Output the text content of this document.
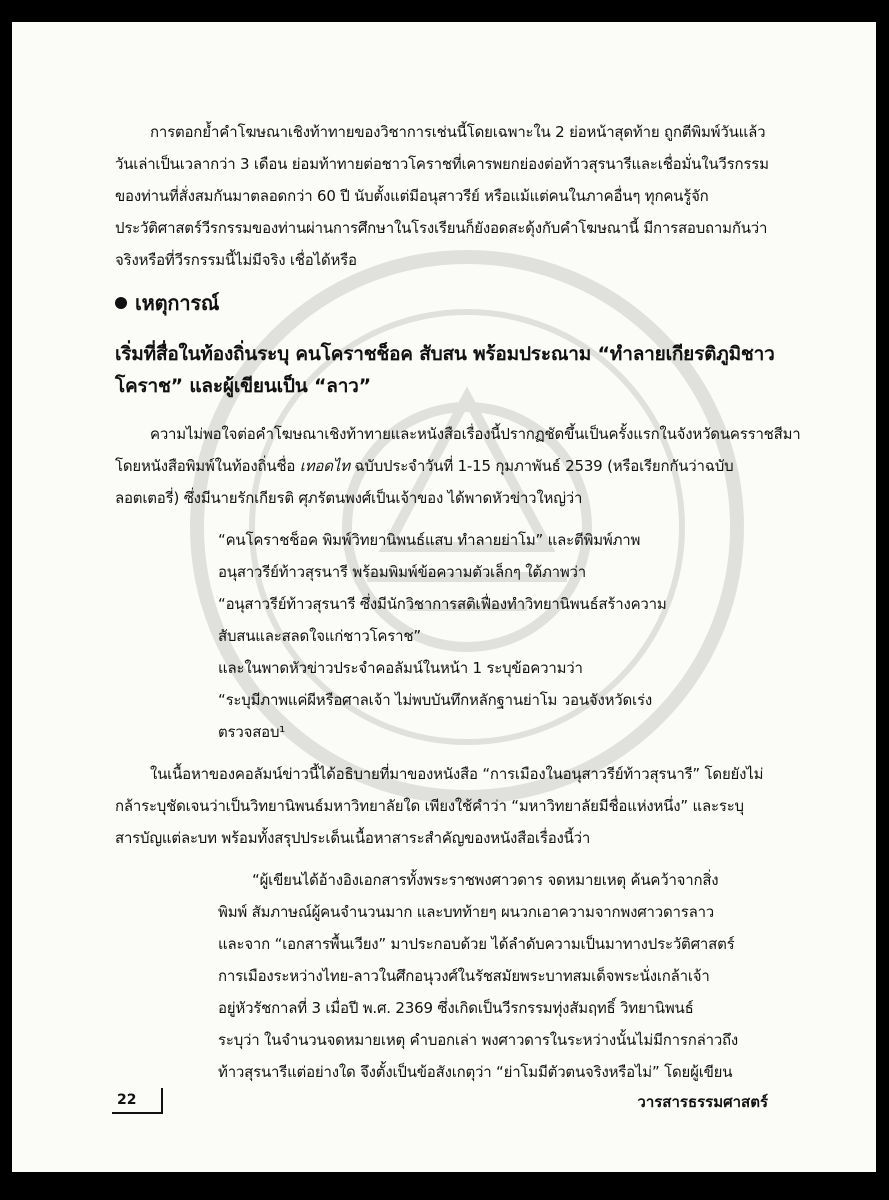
การตอกย้ำคำโฆษณาเชิงท้าทายของวิชาการเช่นนี้โดยเฉพาะใน 2 ย่อหน้าสุดท้าย ถูกตีพิมพ์วันแล้ว
วันเล่าเป็นเวลากว่า 3 เดือน ย่อมท้าทายต่อชาวโคราชที่เคารพยกย่องต่อท้าวสุรนารีและเชื่อมั่นในวีรกรรม
ของท่านที่สั่งสมกันมาตลอดกว่า 60 ปี นับตั้งแต่มีอนุสาวรีย์ หรือแม้แต่คนในภาคอื่นๆ ทุกคนรู้จัก
ประวัติศาสตร์วีรกรรมของท่านผ่านการศึกษาในโรงเรียนก็ยังอดสะดุ้งกับคำโฆษณานี้ มีการสอบถามกันว่า
จริงหรือที่วีรกรรมนี้ไม่มีจริง เชื่อได้หรือ
เหตุการณ์
เริ่มที่สื่อในท้องถิ่นระบุ คนโคราชช็อค สับสน พร้อมประณาม “ทำลายเกียรติภูมิชาว
โคราช” และผู้เขียนเป็น “ลาว”
ความไม่พอใจต่อคำโฆษณาเชิงท้าทายและหนังสือเรื่องนี้ปรากฏชัดขึ้นเป็นครั้งแรกในจังหวัดนครราชสีมา
โดยหนังสือพิมพ์ในท้องถิ่นชื่อ เทอดไท ฉบับประจำวันที่ 1-15 กุมภาพันธ์ 2539 (หรือเรียกกันว่าฉบับ
ลอตเตอรี่) ซึ่งมีนายรักเกียรติ ศุภรัตนพงศ์เป็นเจ้าของ ได้พาดหัวข่าวใหญ่ว่า
“คนโคราชช็อค พิมพ์วิทยานิพนธ์แสบ ทำลายย่าโม” และตีพิมพ์ภาพ
อนุสาวรีย์ท้าวสุรนารี พร้อมพิมพ์ข้อความตัวเล็กๆ ใต้ภาพว่า
“อนุสาวรีย์ท้าวสุรนารี ซึ่งมีนักวิชาการสติเฟื่องทำวิทยานิพนธ์สร้างความ
สับสนและสลดใจแก่ชาวโคราช”
และในพาดหัวข่าวประจำคอลัมน์ในหน้า 1 ระบุข้อความว่า
“ระบุมีภาพแค่ผีหรือศาลเจ้า ไม่พบบันทึกหลักฐานย่าโม วอนจังหวัดเร่ง
ตรวจสอบ¹
ในเนื้อหาของคอลัมน์ข่าวนี้ได้อธิบายที่มาของหนังสือ “การเมืองในอนุสาวรีย์ท้าวสุรนารี” โดยยังไม่
กล้าระบุชัดเจนว่าเป็นวิทยานิพนธ์มหาวิทยาลัยใด เพียงใช้คำว่า “มหาวิทยาลัยมีชื่อแห่งหนึ่ง” และระบุ
สารบัญแต่ละบท พร้อมทั้งสรุปประเด็นเนื้อหาสาระสำคัญของหนังสือเรื่องนี้ว่า
“ผู้เขียนได้อ้างอิงเอกสารทั้งพระราชพงศาวดาร จดหมายเหตุ ค้นคว้าจากสิ่ง
พิมพ์ สัมภาษณ์ผู้คนจำนวนมาก และบทท้ายๆ ผนวกเอาความจากพงศาวดารลาว
และจาก “เอกสารพื้นเวียง” มาประกอบด้วย ได้ลำดับความเป็นมาทางประวัติศาสตร์
การเมืองระหว่างไทย-ลาวในศึกอนุวงศ์ในรัชสมัยพระบาทสมเด็จพระนั่งเกล้าเจ้า
อยู่หัวรัชกาลที่ 3 เมื่อปี พ.ศ. 2369 ซึ่งเกิดเป็นวีรกรรมทุ่งสัมฤทธิ์ วิทยานิพนธ์
ระบุว่า ในจำนวนจดหมายเหตุ คำบอกเล่า พงศาวดารในระหว่างนั้นไม่มีการกล่าวถึง
ท้าวสุรนารีแต่อย่างใด จึงตั้งเป็นข้อสังเกตุว่า “ย่าโมมีตัวตนจริงหรือไม่” โดยผู้เขียน
22	วารสารธรรมศาสตร์
